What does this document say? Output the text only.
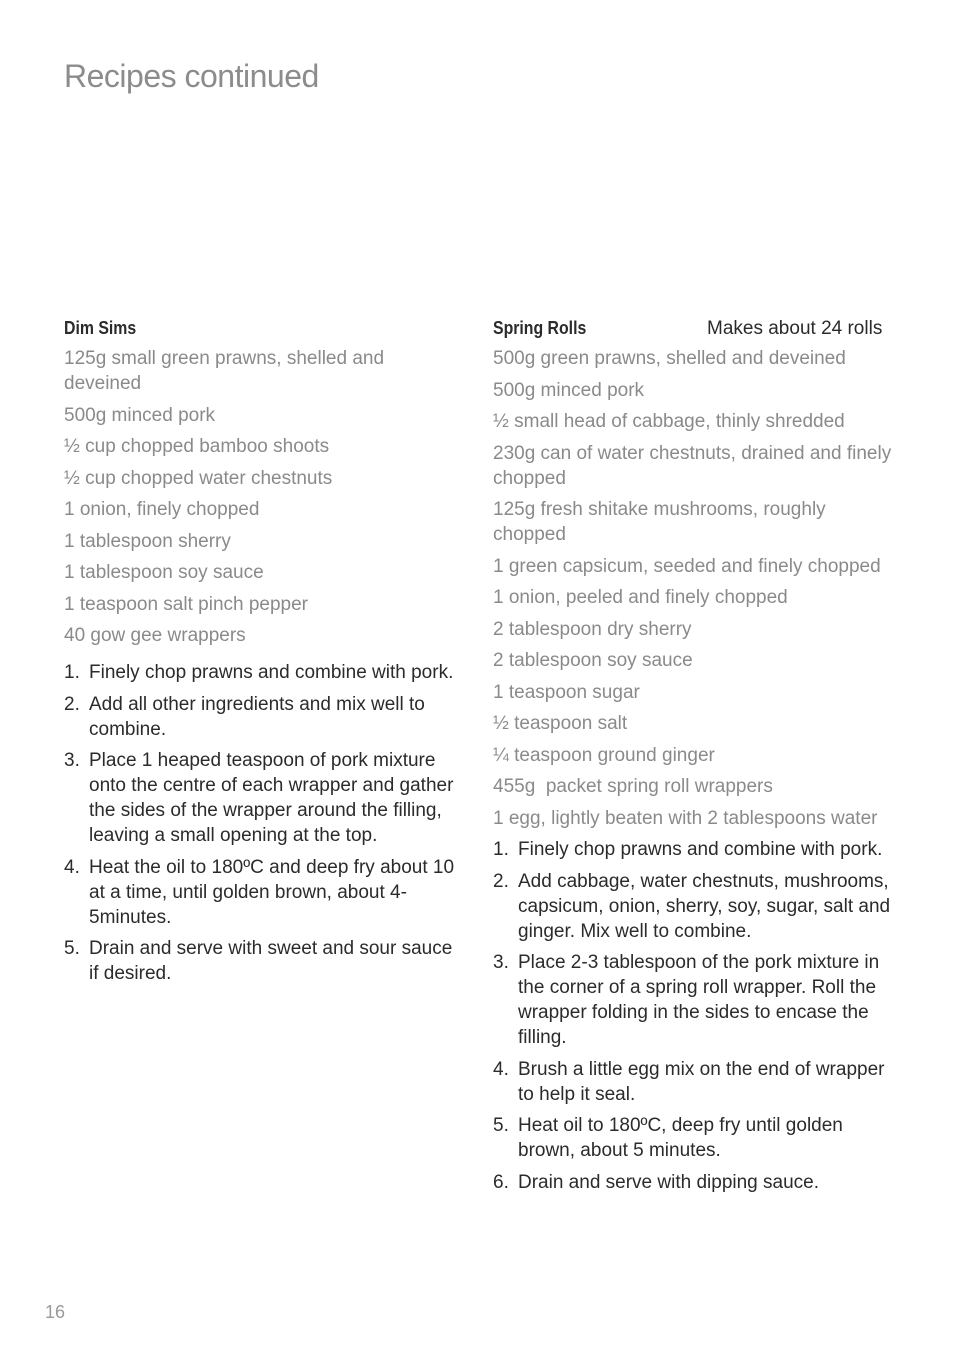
Recipes continued
Dim Sims
125g small green prawns, shelled and deveined
500g minced pork
½ cup chopped bamboo shoots
½ cup chopped water chestnuts
1 onion, finely chopped
1 tablespoon sherry
1 tablespoon soy sauce
1 teaspoon salt pinch pepper
40 gow gee wrappers
1. Finely chop prawns and combine with pork.
2. Add all other ingredients and mix well to combine.
3. Place 1 heaped teaspoon of pork mixture onto the centre of each wrapper and gather the sides of the wrapper around the filling, leaving a small opening at the top.
4. Heat the oil to 180ºC and deep fry about 10 at a time, until golden brown, about 4-5minutes.
5. Drain and serve with sweet and sour sauce if desired.
Spring Rolls	Makes about 24 rolls
500g green prawns, shelled and deveined
500g minced pork
½ small head of cabbage, thinly shredded
230g can of water chestnuts, drained and finely chopped
125g fresh shitake mushrooms, roughly chopped
1 green capsicum, seeded and finely chopped
1 onion, peeled and finely chopped
2 tablespoon dry sherry
2 tablespoon soy sauce
1 teaspoon sugar
½ teaspoon salt
¼ teaspoon ground ginger
455g  packet spring roll wrappers
1 egg, lightly beaten with 2 tablespoons water
1. Finely chop prawns and combine with pork.
2. Add cabbage, water chestnuts, mushrooms, capsicum, onion, sherry, soy, sugar, salt and ginger. Mix well to combine.
3. Place 2-3 tablespoon of the pork mixture in the corner of a spring roll wrapper. Roll the wrapper folding in the sides to encase the filling.
4. Brush a little egg mix on the end of wrapper to help it seal.
5. Heat oil to 180ºC, deep fry until golden brown, about 5 minutes.
6. Drain and serve with dipping sauce.
16
